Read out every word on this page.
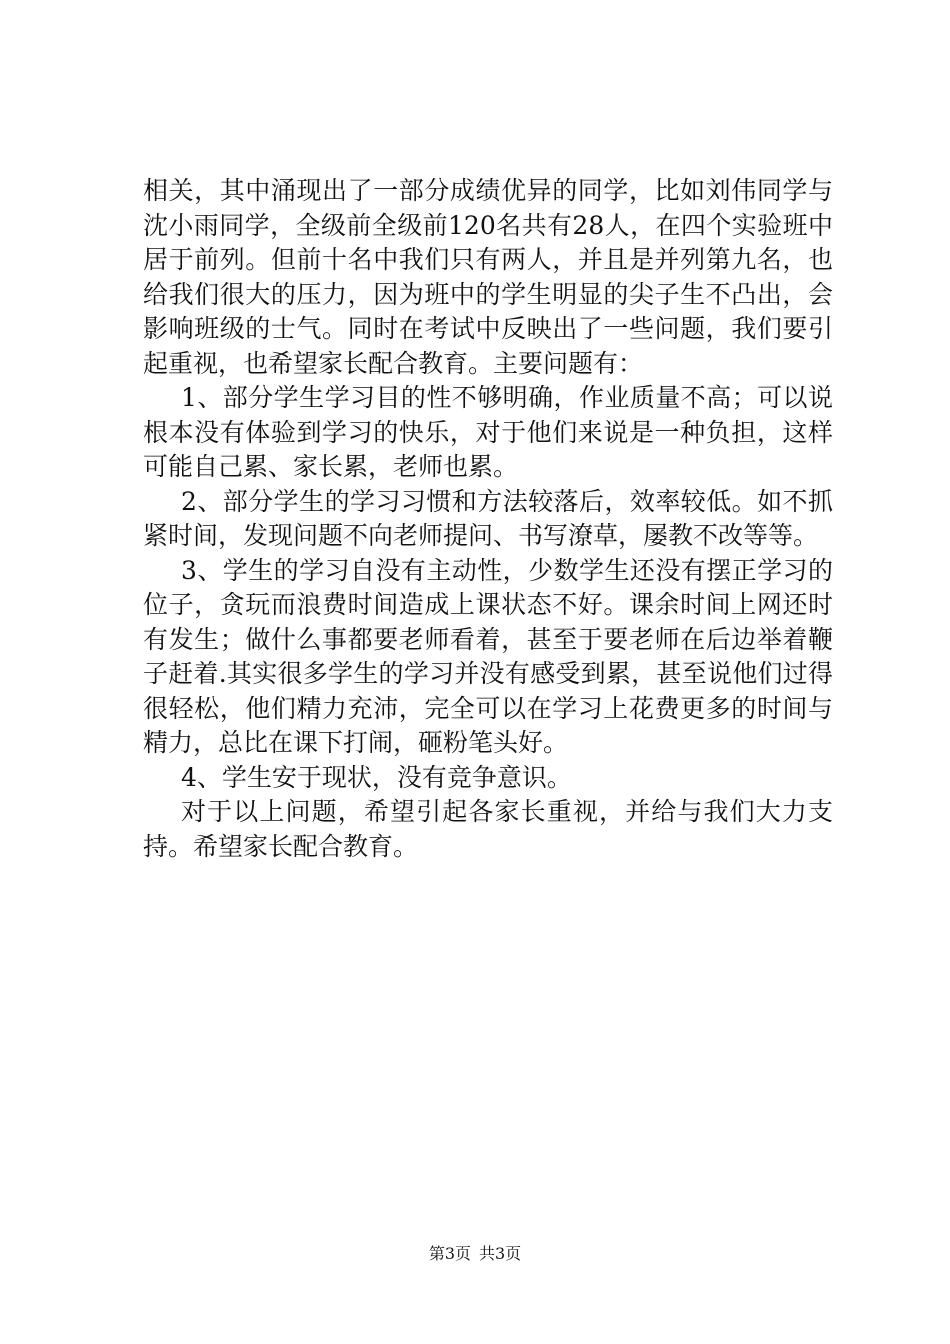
相关，其中涌现出了一部分成绩优异的同学，比如刘伟同学与沈小雨同学，全级前全级前120名共有28人，在四个实验班中居于前列。但前十名中我们只有两人，并且是并列第九名，也给我们很大的压力，因为班中的学生明显的尖子生不凸出，会影响班级的士气。同时在考试中反映出了一些问题，我们要引起重视，也希望家长配合教育。主要问题有：

1、部分学生学习目的性不够明确，作业质量不高；可以说根本没有体验到学习的快乐，对于他们来说是一种负担，这样可能自己累、家长累，老师也累。

2、部分学生的学习习惯和方法较落后，效率较低。如不抓紧时间，发现问题不向老师提问、书写潦草，屡教不改等等。

3、学生的学习自没有主动性，少数学生还没有摆正学习的位子，贪玩而浪费时间造成上课状态不好。课余时间上网还时有发生；做什么事都要老师看着，甚至于要老师在后边举着鞭子赶着.其实很多学生的学习并没有感受到累，甚至说他们过得很轻松，他们精力充沛，完全可以在学习上花费更多的时间与精力，总比在课下打闹，砸粉笔头好。

4、学生安于现状，没有竞争意识。

对于以上问题，希望引起各家长重视，并给与我们大力支持。希望家长配合教育。

第3页 共3页
